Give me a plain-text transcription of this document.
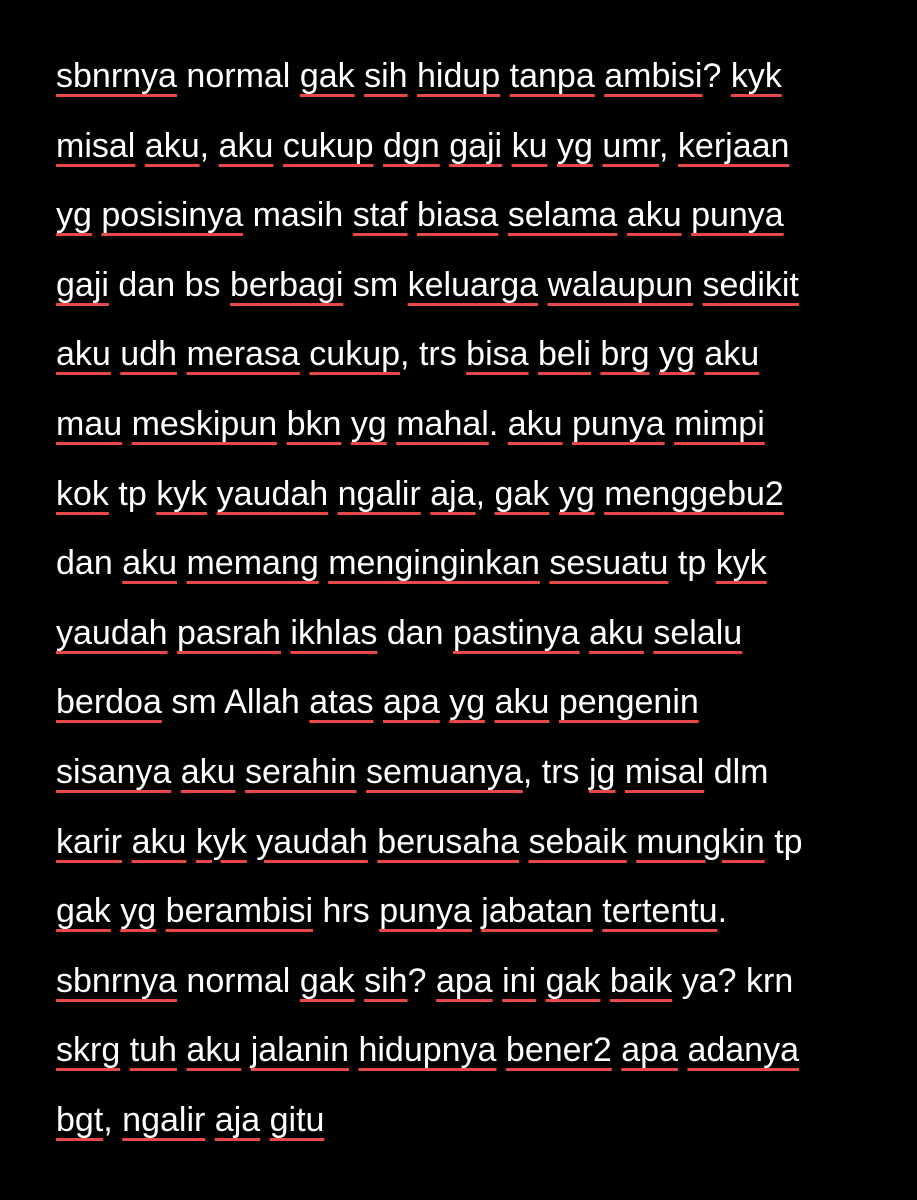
sbnrnya normal gak sih hidup tanpa ambisi? kyk
misal aku, aku cukup dgn gaji ku yg umr, kerjaan
yg posisinya masih staf biasa selama aku punya
gaji dan bs berbagi sm keluarga walaupun sedikit
aku udh merasa cukup, trs bisa beli brg yg aku
mau meskipun bkn yg mahal. aku punya mimpi
kok tp kyk yaudah ngalir aja, gak yg menggebu2
dan aku memang menginginkan sesuatu tp kyk
yaudah pasrah ikhlas dan pastinya aku selalu
berdoa sm Allah atas apa yg aku pengenin
sisanya aku serahin semuanya, trs jg misal dlm
karir aku kyk yaudah berusaha sebaik mungkin tp
gak yg berambisi hrs punya jabatan tertentu.
sbnrnya normal gak sih? apa ini gak baik ya? krn
skrg tuh aku jalanin hidupnya bener2 apa adanya
bgt, ngalir aja gitu
